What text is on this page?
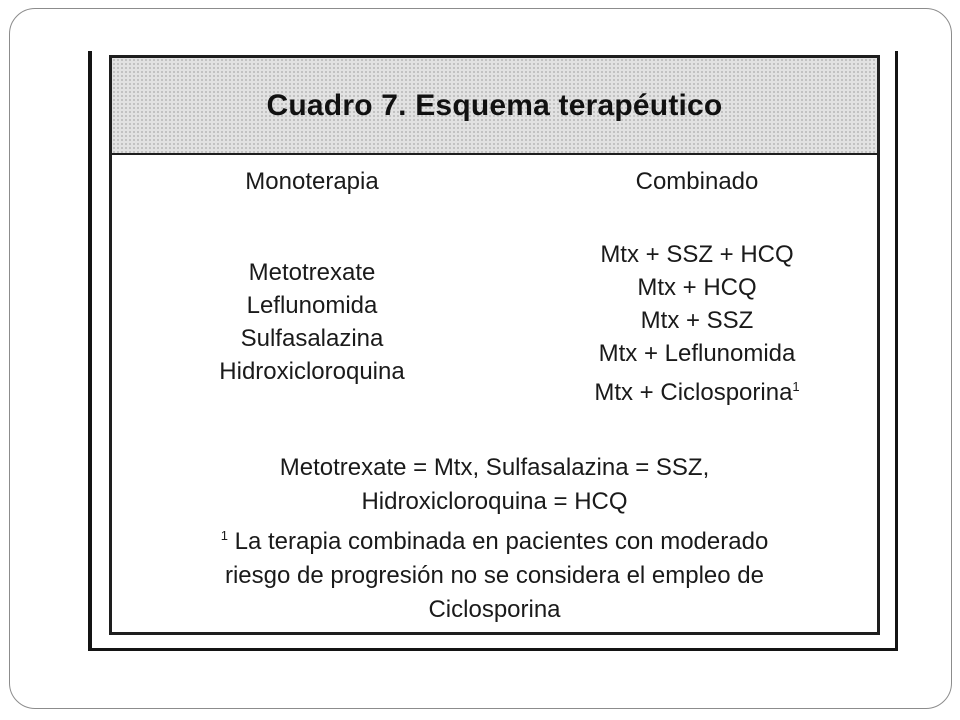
Cuadro 7. Esquema terapéutico
Monoterapia	Combinado
Metotrexate
Leflunomida
Sulfasalazina
Hidroxicloroquina
Mtx + SSZ + HCQ
Mtx + HCQ
Mtx + SSZ
Mtx + Leflunomida
Mtx + Ciclosporina$^1$
Metotrexate = Mtx, Sulfasalazina = SSZ,
Hidroxicloroquina = HCQ
$^1$ La terapia combinada en pacientes con moderado
riesgo de progresión no se considera el empleo de
Ciclosporina
